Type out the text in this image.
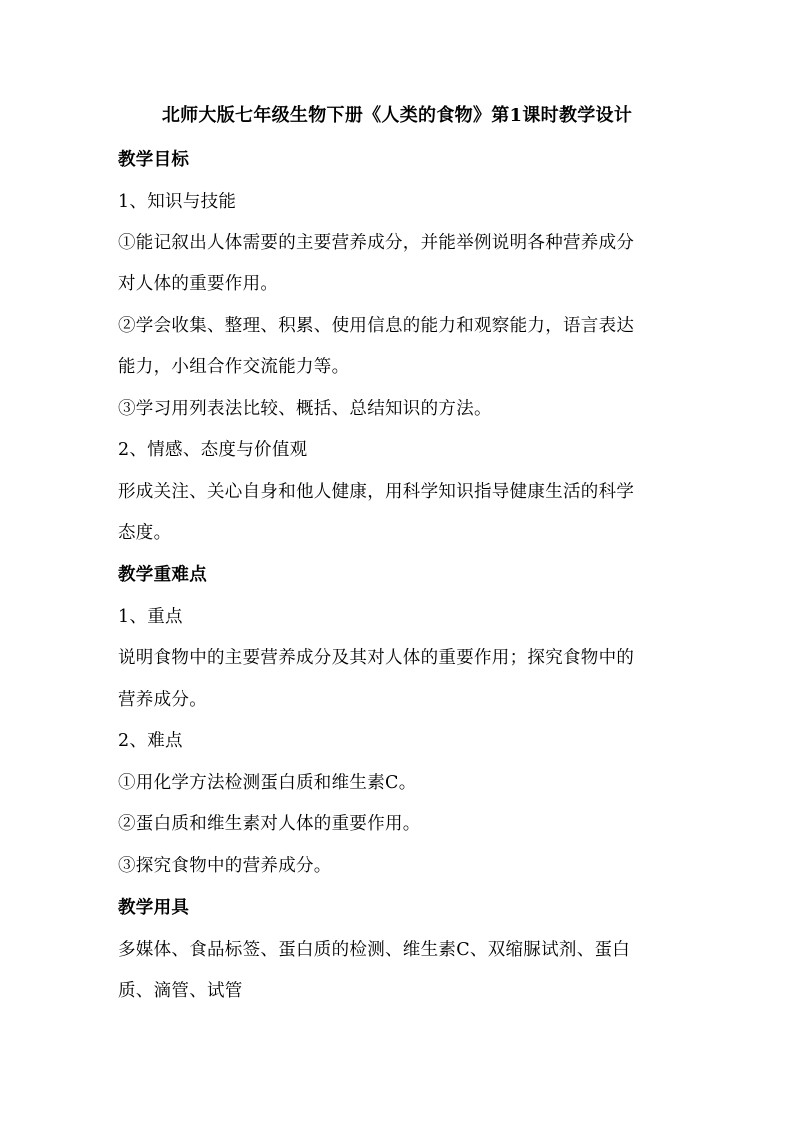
北师大版七年级生物下册《人类的食物》第1课时教学设计
教学目标
1、知识与技能
①能记叙出人体需要的主要营养成分，并能举例说明各种营养成分
对人体的重要作用。
②学会收集、整理、积累、使用信息的能力和观察能力，语言表达
能力，小组合作交流能力等。
③学习用列表法比较、概括、总结知识的方法。
2、情感、态度与价值观
形成关注、关心自身和他人健康，用科学知识指导健康生活的科学
态度。
教学重难点
1、重点
说明食物中的主要营养成分及其对人体的重要作用；探究食物中的
营养成分。
2、难点
①用化学方法检测蛋白质和维生素C。
②蛋白质和维生素对人体的重要作用。
③探究食物中的营养成分。
教学用具
多媒体、食品标签、蛋白质的检测、维生素C、双缩脲试剂、蛋白
质、滴管、试管
